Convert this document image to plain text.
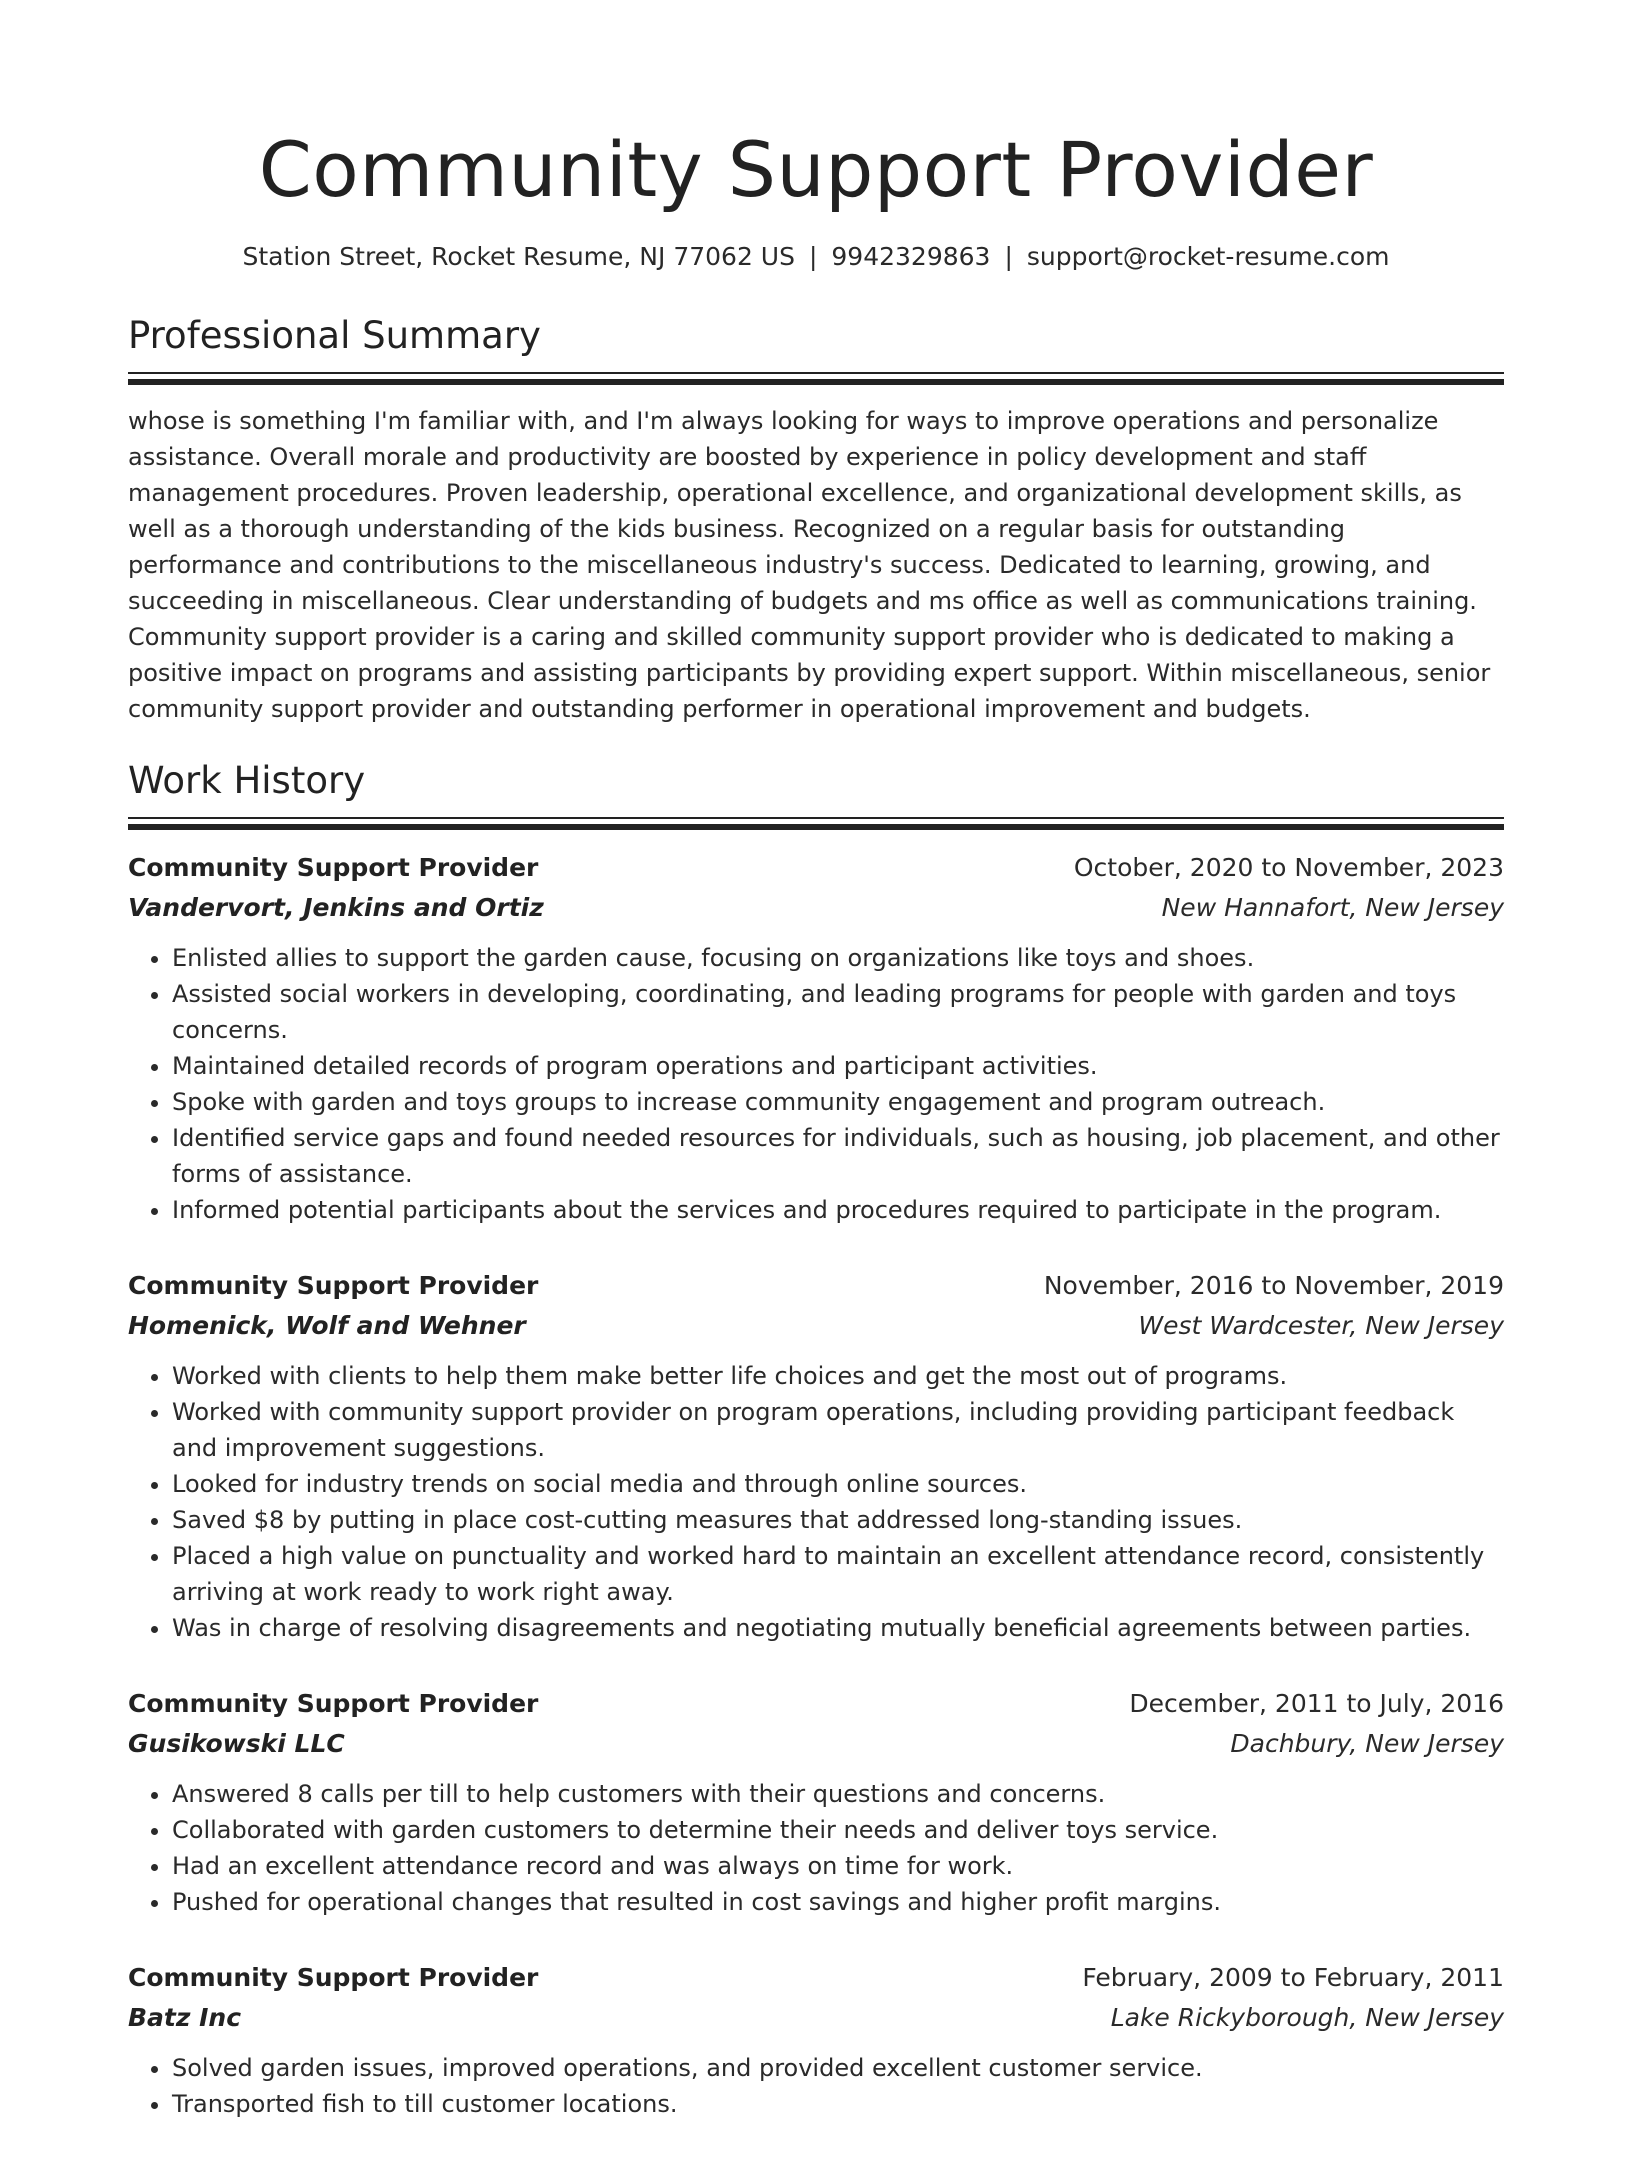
Community Support Provider
Station Street, Rocket Resume, NJ 77062 US | 9942329863 | support@rocket-resume.com
Professional Summary

whose is something I'm familiar with, and I'm always looking for ways to improve operations and personalize assistance. Overall morale and productivity are boosted by experience in policy development and staff management procedures. Proven leadership, operational excellence, and organizational development skills, as well as a thorough understanding of the kids business. Recognized on a regular basis for outstanding performance and contributions to the miscellaneous industry's success. Dedicated to learning, growing, and succeeding in miscellaneous. Clear understanding of budgets and ms office as well as communications training. Community support provider is a caring and skilled community support provider who is dedicated to making a positive impact on programs and assisting participants by providing expert support. Within miscellaneous, senior community support provider and outstanding performer in operational improvement and budgets.

Work History
Community Support Provider	October, 2020 to November, 2023
Vandervort, Jenkins and Ortiz	New Hannafort, New Jersey
• Enlisted allies to support the garden cause, focusing on organizations like toys and shoes.
• Assisted social workers in developing, coordinating, and leading programs for people with garden and toys concerns.
• Maintained detailed records of program operations and participant activities.
• Spoke with garden and toys groups to increase community engagement and program outreach.
• Identified service gaps and found needed resources for individuals, such as housing, job placement, and other forms of assistance.
• Informed potential participants about the services and procedures required to participate in the program.
Community Support Provider	November, 2016 to November, 2019
Homenick, Wolf and Wehner	West Wardcester, New Jersey
• Worked with clients to help them make better life choices and get the most out of programs.
• Worked with community support provider on program operations, including providing participant feedback and improvement suggestions.
• Looked for industry trends on social media and through online sources.
• Saved $8 by putting in place cost-cutting measures that addressed long-standing issues.
• Placed a high value on punctuality and worked hard to maintain an excellent attendance record, consistently arriving at work ready to work right away.
• Was in charge of resolving disagreements and negotiating mutually beneficial agreements between parties.
Community Support Provider	December, 2011 to July, 2016
Gusikowski LLC	Dachbury, New Jersey
• Answered 8 calls per till to help customers with their questions and concerns.
• Collaborated with garden customers to determine their needs and deliver toys service.
• Had an excellent attendance record and was always on time for work.
• Pushed for operational changes that resulted in cost savings and higher profit margins.
Community Support Provider	February, 2009 to February, 2011
Batz Inc	Lake Rickyborough, New Jersey
• Solved garden issues, improved operations, and provided excellent customer service.
• Transported fish to till customer locations.
